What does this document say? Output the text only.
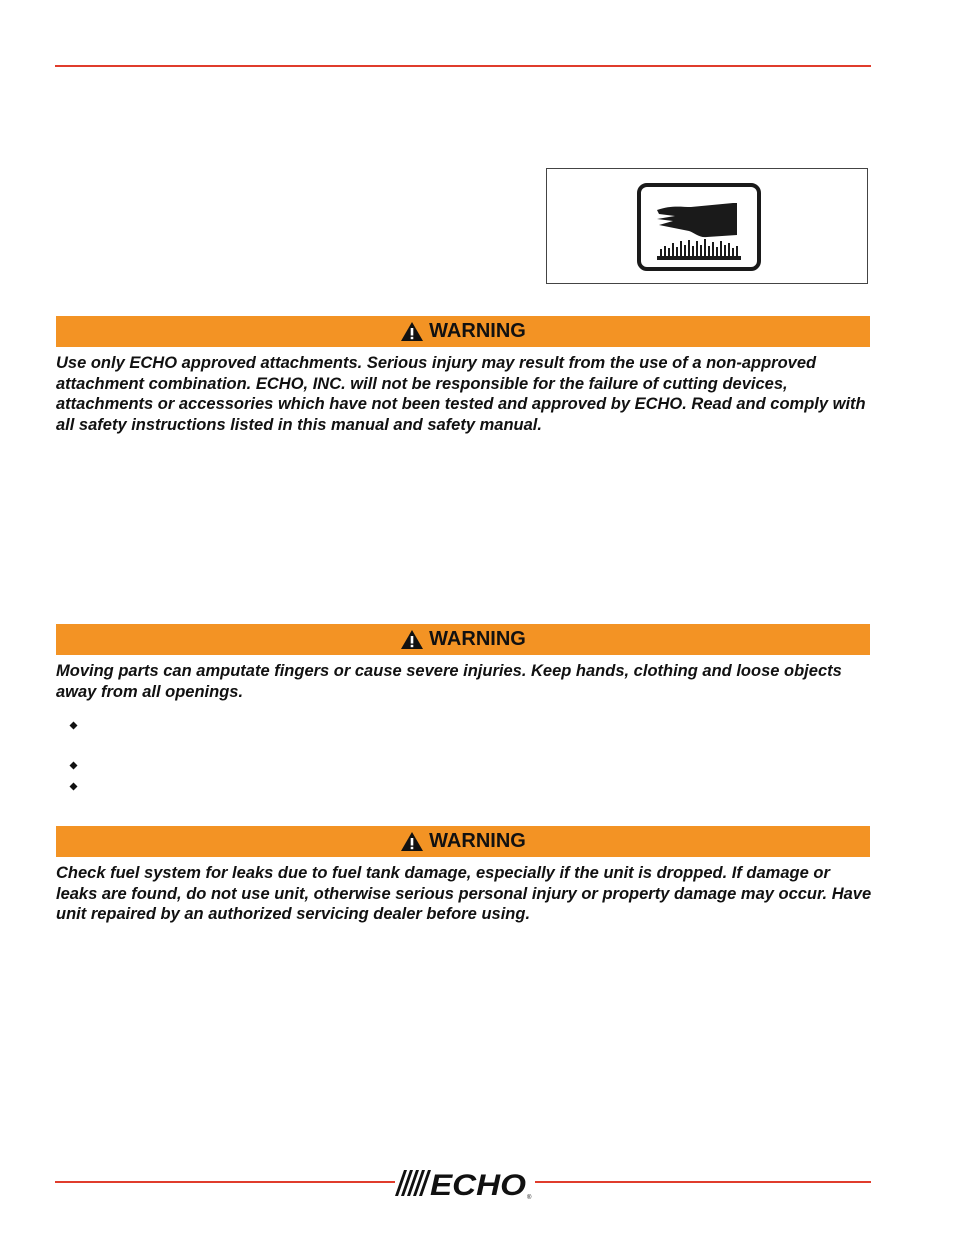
WARNING

Use only ECHO approved attachments. Serious injury may result from the use of a non-approved attachment combination. ECHO, INC. will not be responsible for the failure of cutting devices, attachments or accessories which have not been tested and approved by ECHO. Read and comply with all safety instructions listed in this manual and safety manual.

WARNING

Moving parts can amputate fingers or cause severe injuries. Keep hands, clothing and loose objects away from all openings.

WARNING

Check fuel system for leaks due to fuel tank damage, especially if the unit is dropped. If damage or leaks are found, do not use unit, otherwise serious personal injury or property damage may occur. Have unit repaired by an authorized servicing dealer before using.

ECHO ®
